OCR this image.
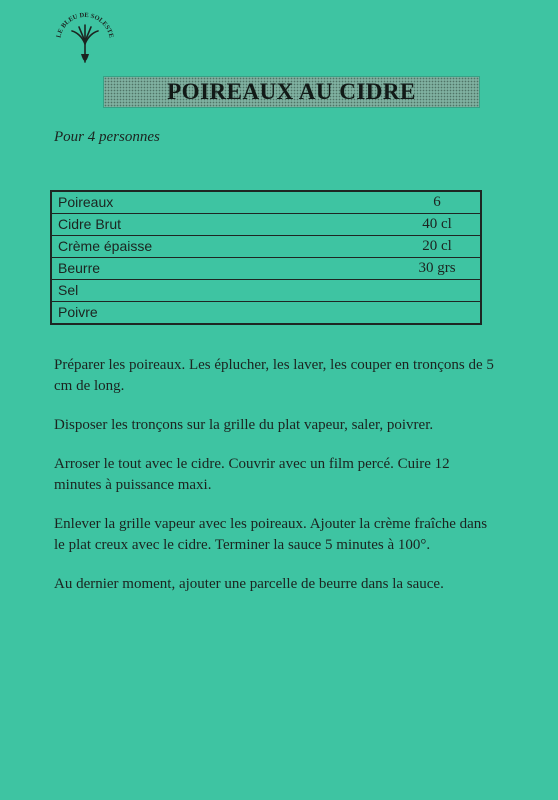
LE BLEU DE SOLESTE
POIREAUX AU CIDRE
Pour 4 personnes
Poireaux	6
Cidre Brut	40 cl
Crème épaisse	20 cl
Beurre	30 grs
Sel	
Poivre	

Préparer les poireaux. Les éplucher, les laver, les couper en tronçons de 5 cm de long.

Disposer les tronçons sur la grille du plat vapeur, saler, poivrer.

Arroser le tout avec le cidre. Couvrir avec un film percé. Cuire 12 minutes à puissance maxi.

Enlever la grille vapeur avec les poireaux. Ajouter la crème fraîche dans le plat creux avec le cidre. Terminer la sauce 5 minutes à 100°.

Au dernier moment, ajouter une parcelle de beurre dans la sauce.
